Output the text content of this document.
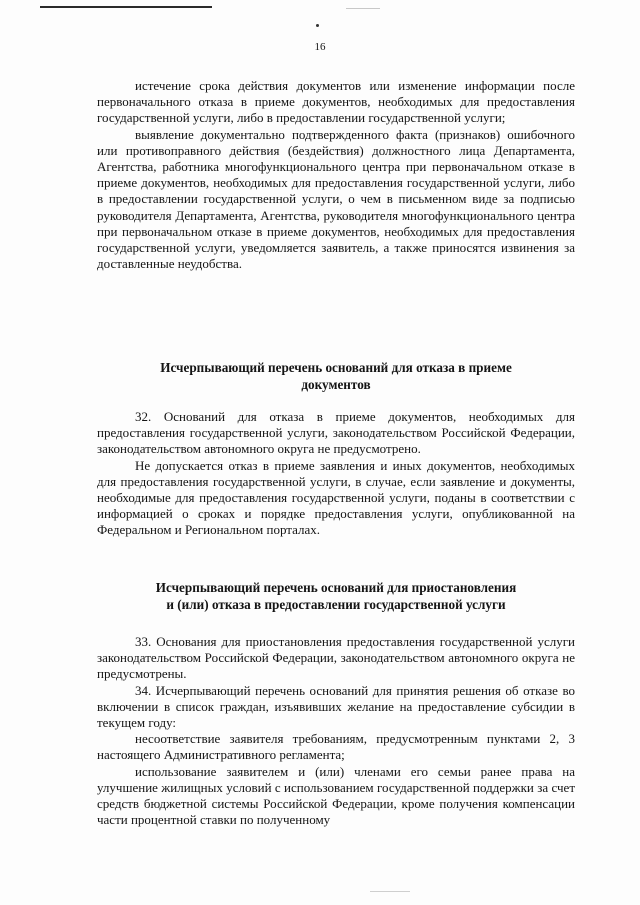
16

истечение срока действия документов или изменение информации после первоначального отказа в приеме документов, необходимых для предоставления государственной услуги, либо в предоставлении государственной услуги;

выявление документально подтвержденного факта (признаков) ошибочного или противоправного действия (бездействия) должностного лица Департамента, Агентства, работника многофункционального центра при первоначальном отказе в приеме документов, необходимых для предоставления государственной услуги, либо в предоставлении государственной услуги, о чем в письменном виде за подписью руководителя Департамента, Агентства, руководителя многофункционального центра при первоначальном отказе в приеме документов, необходимых для предоставления государственной услуги, уведомляется заявитель, а также приносятся извинения за доставленные неудобства.

Исчерпывающий перечень оснований для отказа в приеме

документов

32. Оснований для отказа в приеме документов, необходимых для предоставления государственной услуги, законодательством Российской Федерации, законодательством автономного округа не предусмотрено.

Не допускается отказ в приеме заявления и иных документов, необходимых для предоставления государственной услуги, в случае, если заявление и документы, необходимые для предоставления государственной услуги, поданы в соответствии с информацией о сроках и порядке предоставления услуги, опубликованной на Федеральном и Региональном порталах.

Исчерпывающий перечень оснований для приостановления

и (или) отказа в предоставлении государственной услуги

33. Основания для приостановления предоставления государственной услуги законодательством Российской Федерации, законодательством автономного округа не предусмотрены.

34. Исчерпывающий перечень оснований для принятия решения об отказе во включении в список граждан, изъявивших желание на предоставление субсидии в текущем году:

несоответствие заявителя требованиям, предусмотренным пунктами 2, 3 настоящего Административного регламента;

использование заявителем и (или) членами его семьи ранее права на улучшение жилищных условий с использованием государственной поддержки за счет средств бюджетной системы Российской Федерации, кроме получения компенсации части процентной ставки по полученному
